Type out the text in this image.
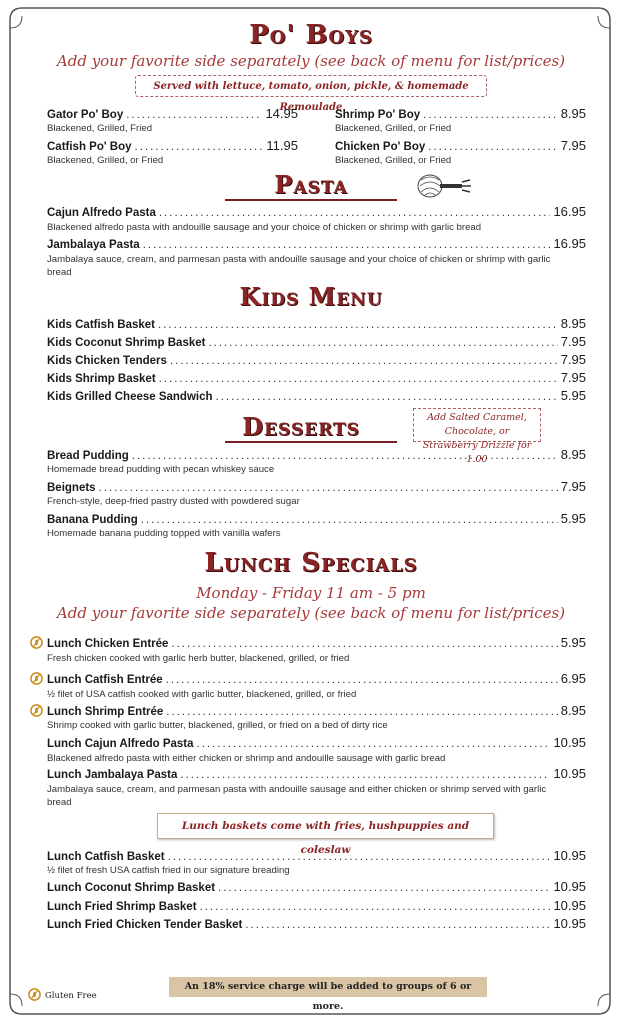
Po' Boys
Add your favorite side separately (see back of menu for list/prices)
Served with lettuce, tomato, onion, pickle, & homemade Remoulade
Gator Po' Boy .....	14.95
Blackened, Grilled, Fried
Shrimp Po' Boy .....	8.95
Blackened, Grilled, or Fried
Catfish Po' Boy .....	11.95
Blackened, Grilled, or Fried
Chicken Po' Boy .....	7.95
Blackened, Grilled, or Fried
Pasta
Cajun Alfredo Pasta .....	16.95
Blackened alfredo pasta with andouille sausage and your choice of chicken or shrimp with garlic bread
Jambalaya Pasta .....	16.95
Jambalaya sauce, cream, and parmesan pasta with andouille sausage and your choice of chicken or shrimp with garlic bread
Kids Menu
Kids Catfish Basket .....	8.95
Kids Coconut Shrimp Basket .....	7.95
Kids Chicken Tenders .....	7.95
Kids Shrimp Basket .....	7.95
Kids Grilled Cheese Sandwich .....	5.95
Desserts	Add Salted Caramel, Chocolate, or Strawberry Drizzle for 1.00
Bread Pudding .....	8.95
Homemade bread pudding with pecan whiskey sauce
Beignets .....	7.95
French-style, deep-fried pastry dusted with powdered sugar
Banana Pudding .....	5.95
Homemade banana pudding topped with vanilla wafers
Lunch Specials
Monday - Friday 11 am - 5 pm
Add your favorite side separately (see back of menu for list/prices)
Lunch Chicken Entrée .....	5.95
Fresh chicken cooked with garlic herb butter, blackened, grilled, or fried
Lunch Catfish Entrée .....	6.95
½ filet of USA catfish cooked with garlic butter, blackened, grilled, or fried
Lunch Shrimp Entrée .....	8.95
Shrimp cooked with garlic butter, blackened, grilled, or fried on a bed of dirty rice
Lunch Cajun Alfredo Pasta .....	10.95
Blackened alfredo pasta with either chicken or shrimp and andouille sausage with garlic bread
Lunch Jambalaya Pasta .....	10.95
Jambalaya sauce, cream, and parmesan pasta with andouille sausage and either chicken or shrimp served with garlic bread
Lunch baskets come with fries, hushpuppies and coleslaw
Lunch Catfish Basket .....	10.95
½ filet of fresh USA catfish fried in our signature breading
Lunch Coconut Shrimp Basket .....	10.95
Lunch Fried Shrimp Basket .....	10.95
Lunch Fried Chicken Tender Basket .....	10.95
Gluten Free
An 18% service charge will be added to groups of 6 or more.
